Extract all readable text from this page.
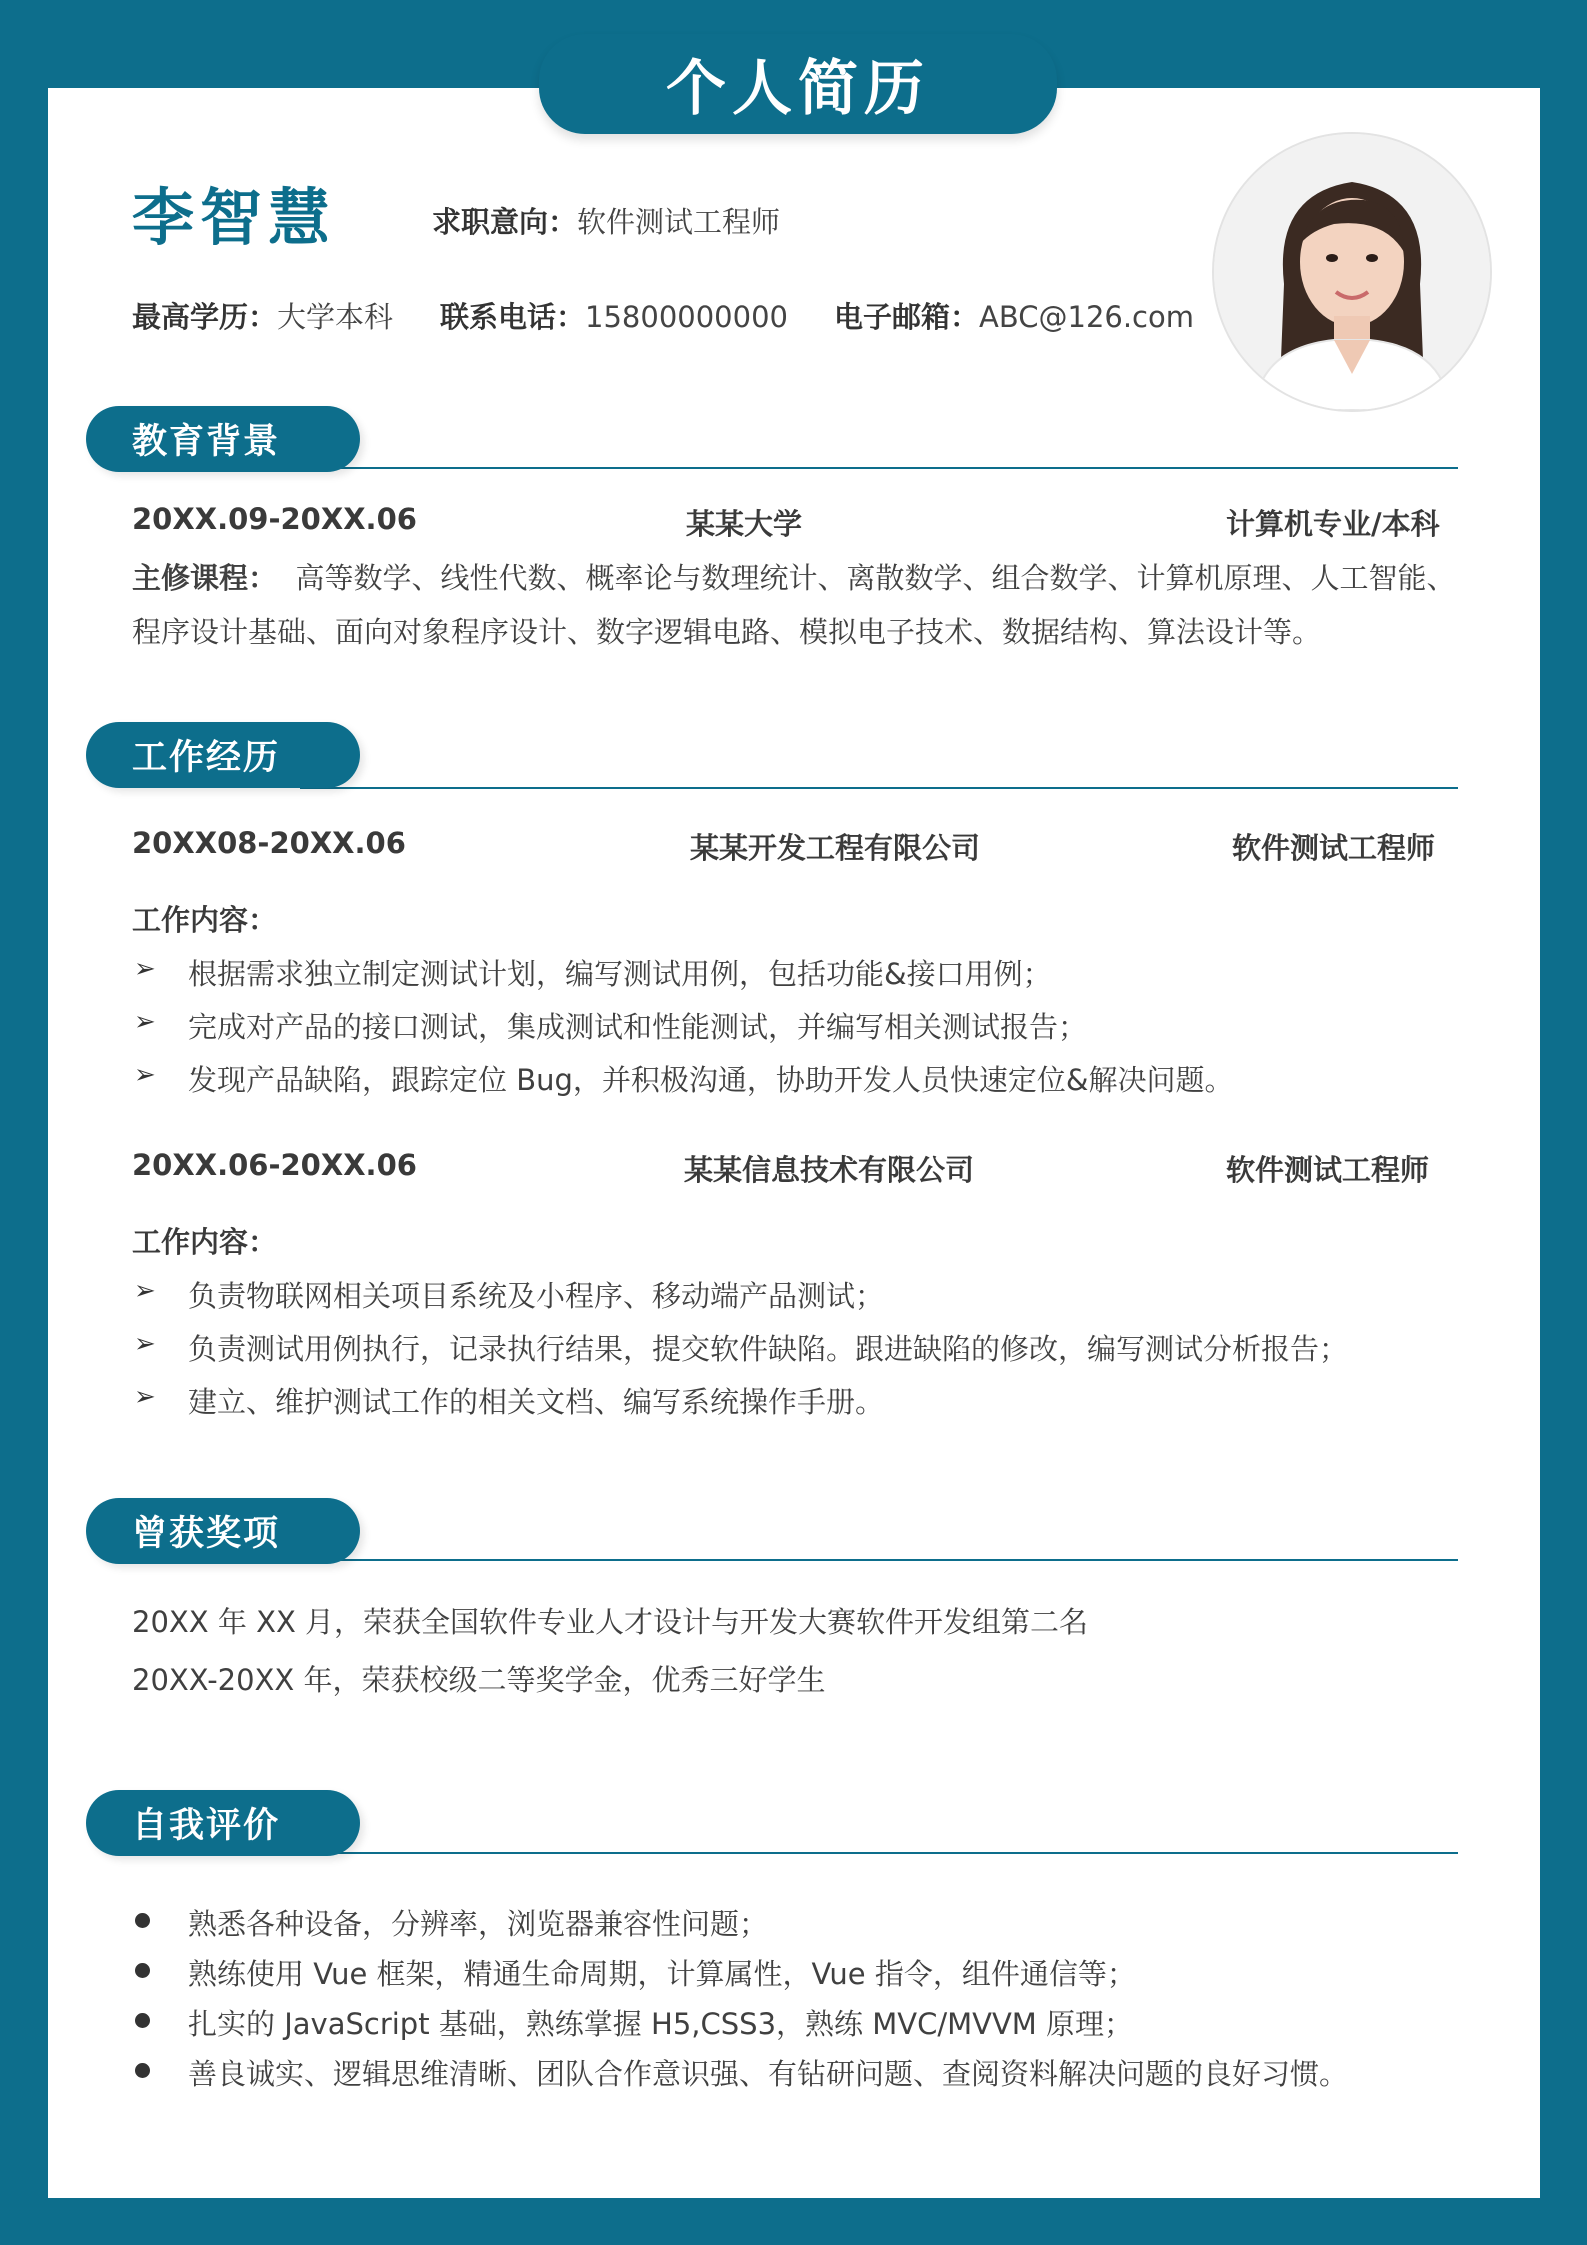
个人简历
李智慧	求职意向：软件测试工程师
最高学历：大学本科 联系电话：15800000000 电子邮箱：ABC@126.com
教育背景
20XX.09-20XX.06	某某大学	计算机专业/本科
主修课程： 高等数学、线性代数、概率论与数理统计、离散数学、组合数学、计算机原理、人工智能、
程序设计基础、面向对象程序设计、数字逻辑电路、模拟电子技术、数据结构、算法设计等。
工作经历
20XX08-20XX.06	某某开发工程有限公司	软件测试工程师
工作内容：
➢ 根据需求独立制定测试计划，编写测试用例，包括功能&接口用例；
➢ 完成对产品的接口测试，集成测试和性能测试，并编写相关测试报告；
➢ 发现产品缺陷，跟踪定位 Bug，并积极沟通，协助开发人员快速定位&解决问题。
20XX.06-20XX.06	某某信息技术有限公司	软件测试工程师
工作内容：
➢ 负责物联网相关项目系统及小程序、移动端产品测试；
➢ 负责测试用例执行，记录执行结果，提交软件缺陷。跟进缺陷的修改，编写测试分析报告；
➢ 建立、维护测试工作的相关文档、编写系统操作手册。
曾获奖项
20XX 年 XX 月，荣获全国软件专业人才设计与开发大赛软件开发组第二名
20XX-20XX 年，荣获校级二等奖学金，优秀三好学生
自我评价
熟悉各种设备，分辨率，浏览器兼容性问题；
熟练使用 Vue 框架，精通生命周期，计算属性，Vue 指令，组件通信等；
扎实的 JavaScript 基础，熟练掌握 H5,CSS3，熟练 MVC/MVVM 原理；
善良诚实、逻辑思维清晰、团队合作意识强、有钻研问题、查阅资料解决问题的良好习惯。
